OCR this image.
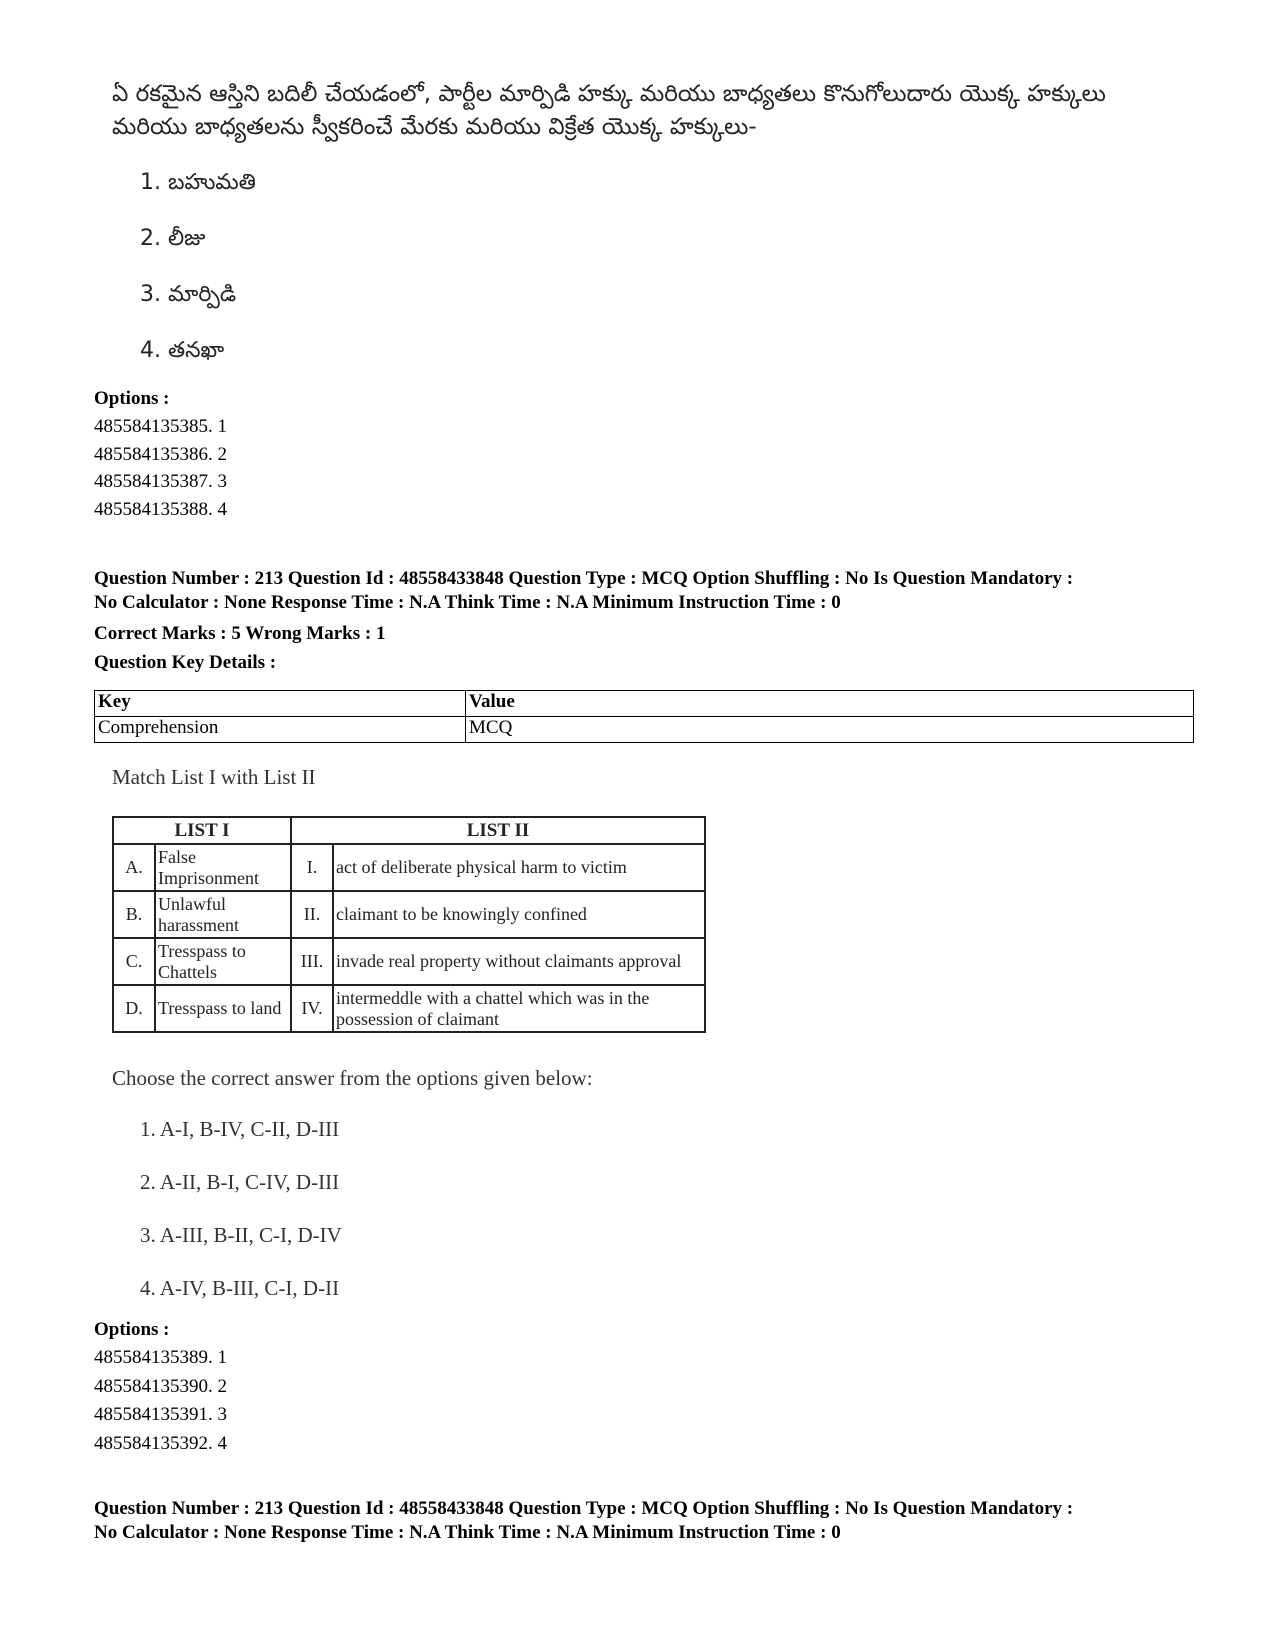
ఏ రకమైన ఆస్తిని బదిలీ చేయడంలో, పార్టీల మార్పిడి హక్కు మరియు బాధ్యతలు కొనుగోలుదారు యొక్క హక్కులు మరియు బాధ్యతలను స్వీకరించే మేరకు మరియు విక్రేత యొక్క హక్కులు-
1. బహుమతి
2. లీజు
3. మార్పిడి
4. తనఖా
Options :
485584135385. 1
485584135386. 2
485584135387. 3
485584135388. 4
Question Number : 213 Question Id : 48558433848 Question Type : MCQ Option Shuffling : No Is Question Mandatory :
No Calculator : None Response Time : N.A Think Time : N.A Minimum Instruction Time : 0
Correct Marks : 5 Wrong Marks : 1
Question Key Details :
Key	Value
Comprehension	MCQ
Match List I with List II
LIST I		LIST II	
A.	False Imprisonment	I.	act of deliberate physical harm to victim
B.	Unlawful harassment	II.	claimant to be knowingly confined
C.	Tresspass to Chattels	III.	invade real property without claimants approval
D.	Tresspass to land	IV.	intermeddle with a chattel which was in the possession of claimant
Choose the correct answer from the options given below:
1. A-I, B-IV, C-II, D-III
2. A-II, B-I, C-IV, D-III
3. A-III, B-II, C-I, D-IV
4. A-IV, B-III, C-I, D-II
Options :
485584135389. 1
485584135390. 2
485584135391. 3
485584135392. 4
Question Number : 213 Question Id : 48558433848 Question Type : MCQ Option Shuffling : No Is Question Mandatory :
No Calculator : None Response Time : N.A Think Time : N.A Minimum Instruction Time : 0
